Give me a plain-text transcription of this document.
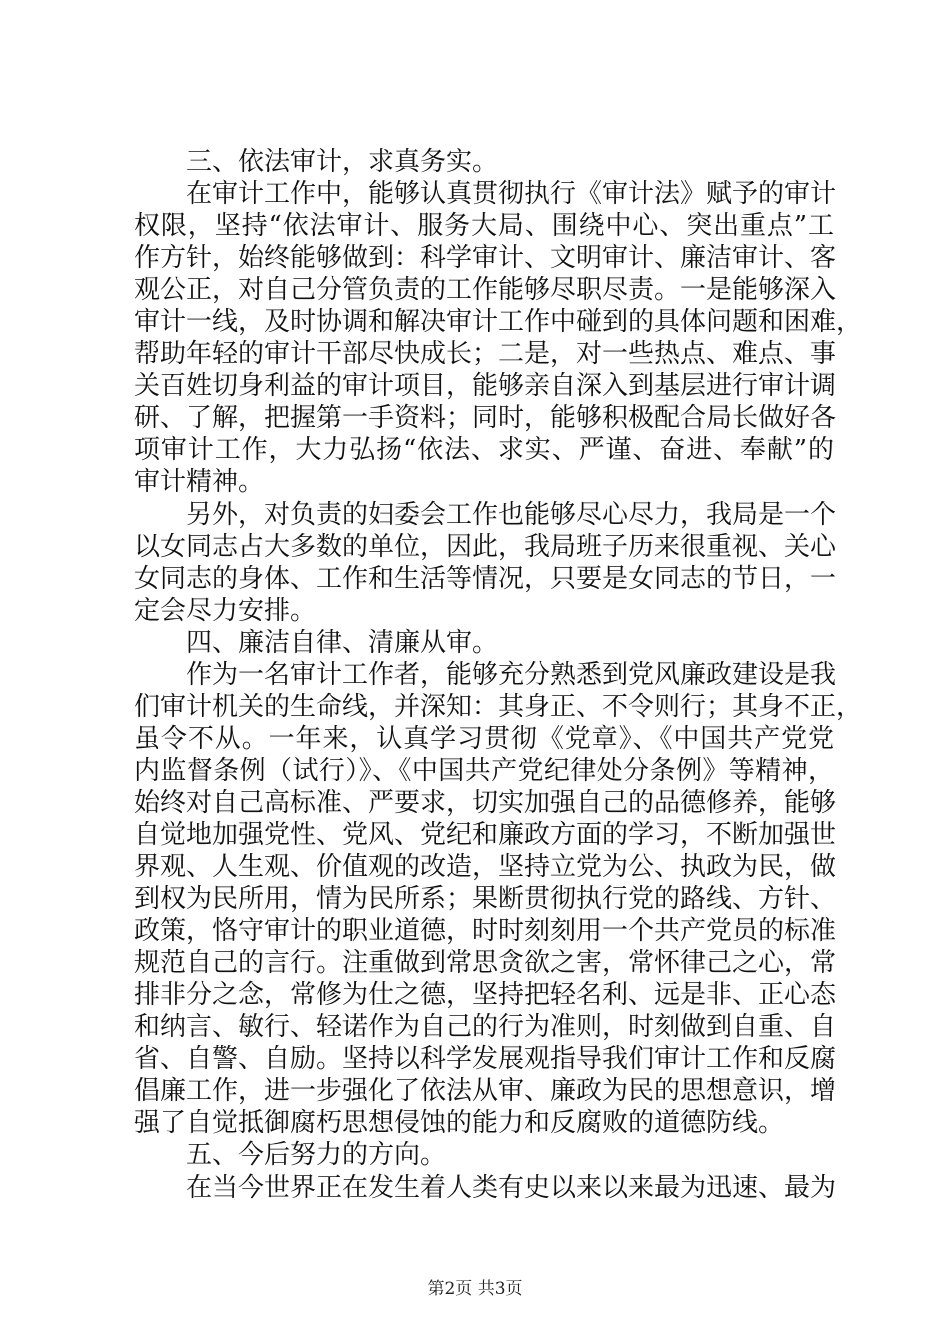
三、依法审计，求真务实。
在审计工作中，能够认真贯彻执行《审计法》赋予的审计
权限，坚持“依法审计、服务大局、围绕中心、突出重点”工
作方针，始终能够做到：科学审计、文明审计、廉洁审计、客
观公正，对自己分管负责的工作能够尽职尽责。一是能够深入
审计一线，及时协调和解决审计工作中碰到的具体问题和困难，
帮助年轻的审计干部尽快成长；二是，对一些热点、难点、事
关百姓切身利益的审计项目，能够亲自深入到基层进行审计调
研、了解，把握第一手资料；同时，能够积极配合局长做好各
项审计工作，大力弘扬“依法、求实、严谨、奋进、奉献”的
审计精神。
另外，对负责的妇委会工作也能够尽心尽力，我局是一个
以女同志占大多数的单位，因此，我局班子历来很重视、关心
女同志的身体、工作和生活等情况，只要是女同志的节日，一
定会尽力安排。
四、廉洁自律、清廉从审。
作为一名审计工作者，能够充分熟悉到党风廉政建设是我
们审计机关的生命线，并深知：其身正、不令则行；其身不正，
虽令不从。一年来，认真学习贯彻《党章》、《中国共产党党
内监督条例（试行）》、《中国共产党纪律处分条例》等精神，
始终对自己高标准、严要求，切实加强自己的品德修养，能够
自觉地加强党性、党风、党纪和廉政方面的学习，不断加强世
界观、人生观、价值观的改造，坚持立党为公、执政为民，做
到权为民所用，情为民所系；果断贯彻执行党的路线、方针、
政策，恪守审计的职业道德，时时刻刻用一个共产党员的标准
规范自己的言行。注重做到常思贪欲之害，常怀律己之心，常
排非分之念，常修为仕之德，坚持把轻名利、远是非、正心态
和纳言、敏行、轻诺作为自己的行为准则，时刻做到自重、自
省、自警、自励。坚持以科学发展观指导我们审计工作和反腐
倡廉工作，进一步强化了依法从审、廉政为民的思想意识，增
强了自觉抵御腐朽思想侵蚀的能力和反腐败的道德防线。
五、今后努力的方向。
在当今世界正在发生着人类有史以来以来最为迅速、最为
第2页 共3页
